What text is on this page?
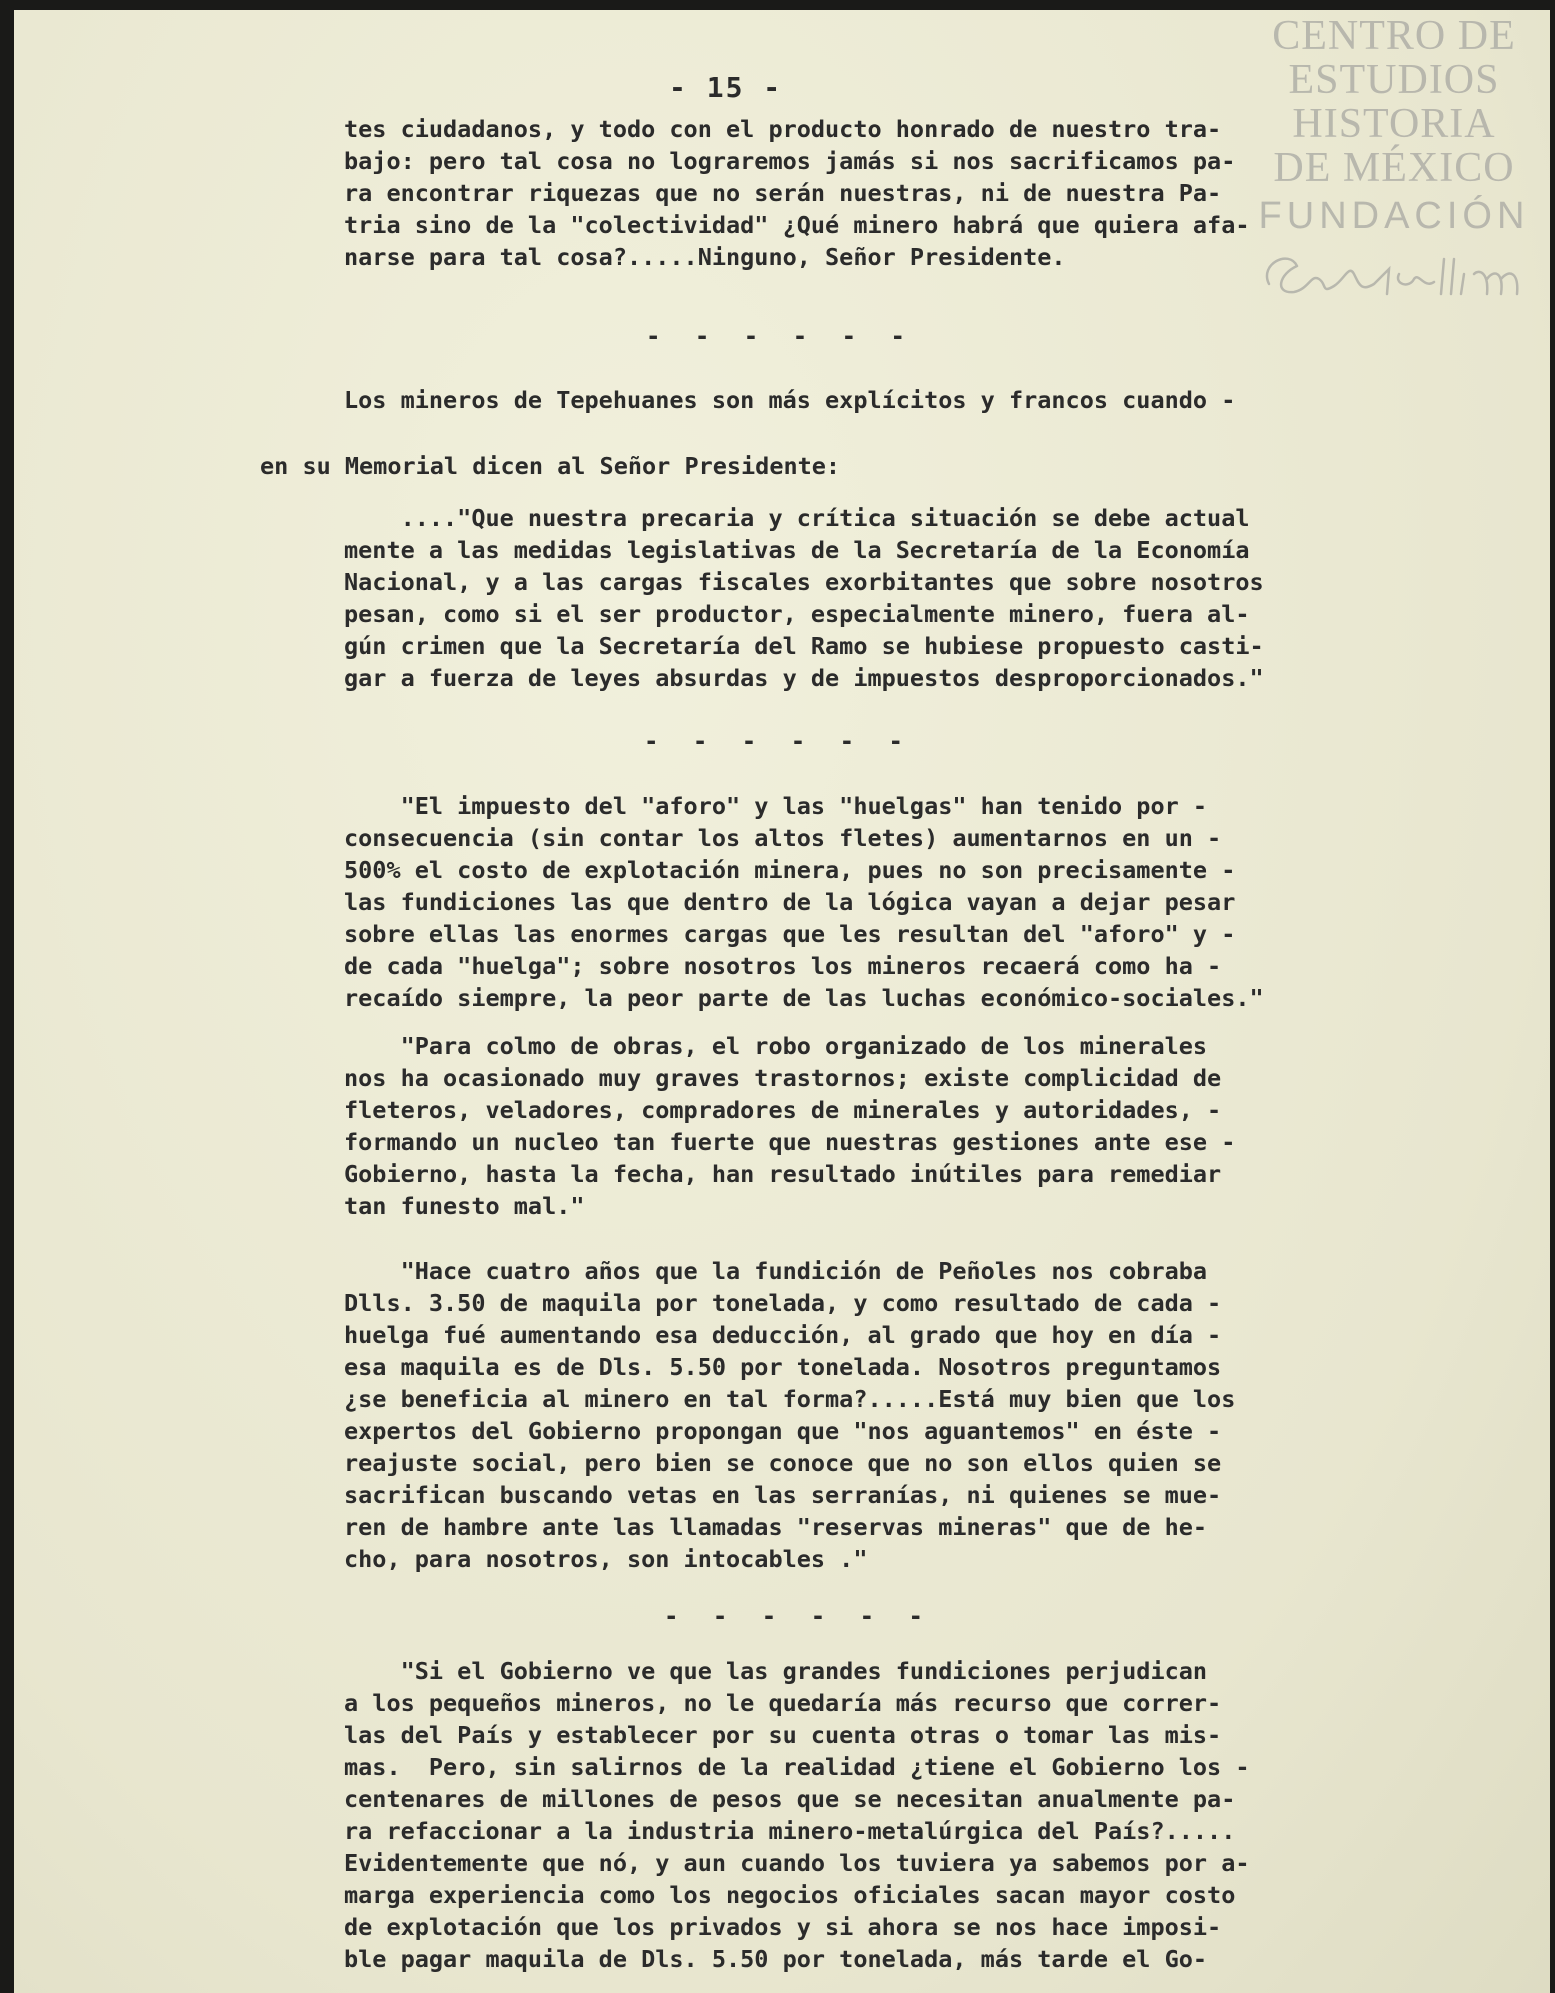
CENTRO DE
ESTUDIOS
HISTORIA
DE MÉXICO
FUNDACIÓN
- 15 -

tes ciudadanos, y todo con el producto honrado de nuestro tra-

bajo: pero tal cosa no lograremos jamás si nos sacrificamos pa-

ra encontrar riquezas que no serán nuestras, ni de nuestra Pa-

tria sino de la "colectividad" ¿Qué minero habrá que quiera afa-

narse para tal cosa?.....Ninguno, Señor Presidente.

- - - - - -

Los mineros de Tepehuanes son más explícitos y francos cuando -

en su Memorial dicen al Señor Presidente:

...."Que nuestra precaria y crítica situación se debe actual

mente a las medidas legislativas de la Secretaría de la Economía

Nacional, y a las cargas fiscales exorbitantes que sobre nosotros

pesan, como si el ser productor, especialmente minero, fuera al-

gún crimen que la Secretaría del Ramo se hubiese propuesto casti-

gar a fuerza de leyes absurdas y de impuestos desproporcionados."

- - - - - -

"El impuesto del "aforo" y las "huelgas" han tenido por -

consecuencia (sin contar los altos fletes) aumentarnos en un -

500% el costo de explotación minera, pues no son precisamente -

las fundiciones las que dentro de la lógica vayan a dejar pesar

sobre ellas las enormes cargas que les resultan del "aforo" y -

de cada "huelga"; sobre nosotros los mineros recaerá como ha -

recaído siempre, la peor parte de las luchas económico-sociales."

"Para colmo de obras, el robo organizado de los minerales

nos ha ocasionado muy graves trastornos; existe complicidad de

fleteros, veladores, compradores de minerales y autoridades, -

formando un nucleo tan fuerte que nuestras gestiones ante ese -

Gobierno, hasta la fecha, han resultado inútiles para remediar

tan funesto mal."

"Hace cuatro años que la fundición de Peñoles nos cobraba

Dlls. 3.50 de maquila por tonelada, y como resultado de cada -

huelga fué aumentando esa deducción, al grado que hoy en día -

esa maquila es de Dls. 5.50 por tonelada. Nosotros preguntamos

¿se beneficia al minero en tal forma?.....Está muy bien que los

expertos del Gobierno propongan que "nos aguantemos" en éste -

reajuste social, pero bien se conoce que no son ellos quien se

sacrifican buscando vetas en las serranías, ni quienes se mue-

ren de hambre ante las llamadas "reservas mineras" que de he-

cho, para nosotros, son intocables ."

- - - - - -

"Si el Gobierno ve que las grandes fundiciones perjudican

a los pequeños mineros, no le quedaría más recurso que correr-

las del País y establecer por su cuenta otras o tomar las mis-

mas.  Pero, sin salirnos de la realidad ¿tiene el Gobierno los -

centenares de millones de pesos que se necesitan anualmente pa-

ra refaccionar a la industria minero-metalúrgica del País?.....

Evidentemente que nó, y aun cuando los tuviera ya sabemos por a-

marga experiencia como los negocios oficiales sacan mayor costo

de explotación que los privados y si ahora se nos hace imposi-

ble pagar maquila de Dls. 5.50 por tonelada, más tarde el Go-
